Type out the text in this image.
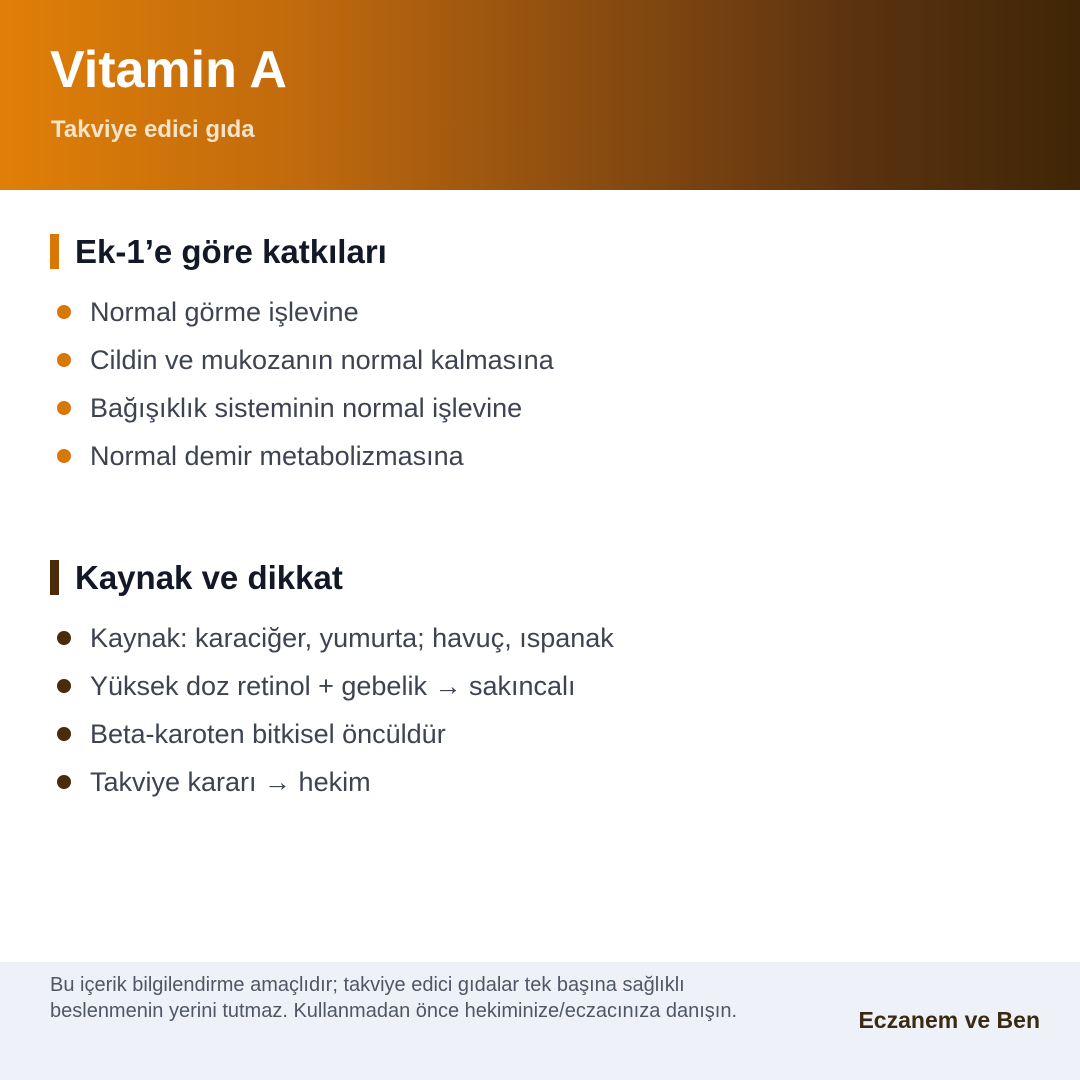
Vitamin A
Takviye edici gıda
Ek-1’e göre katkıları
Normal görme işlevine
Cildin ve mukozanın normal kalmasına
Bağışıklık sisteminin normal işlevine
Normal demir metabolizmasına
Kaynak ve dikkat
Kaynak: karaciğer, yumurta; havuç, ıspanak
Yüksek doz retinol + gebelik → sakıncalı
Beta-karoten bitkisel öncüldür
Takviye kararı → hekim
Bu içerik bilgilendirme amaçlıdır; takviye edici gıdalar tek başına sağlıklı
beslenmenin yerini tutmaz. Kullanmadan önce hekiminize/eczacınıza danışın.	Eczanem ve Ben
